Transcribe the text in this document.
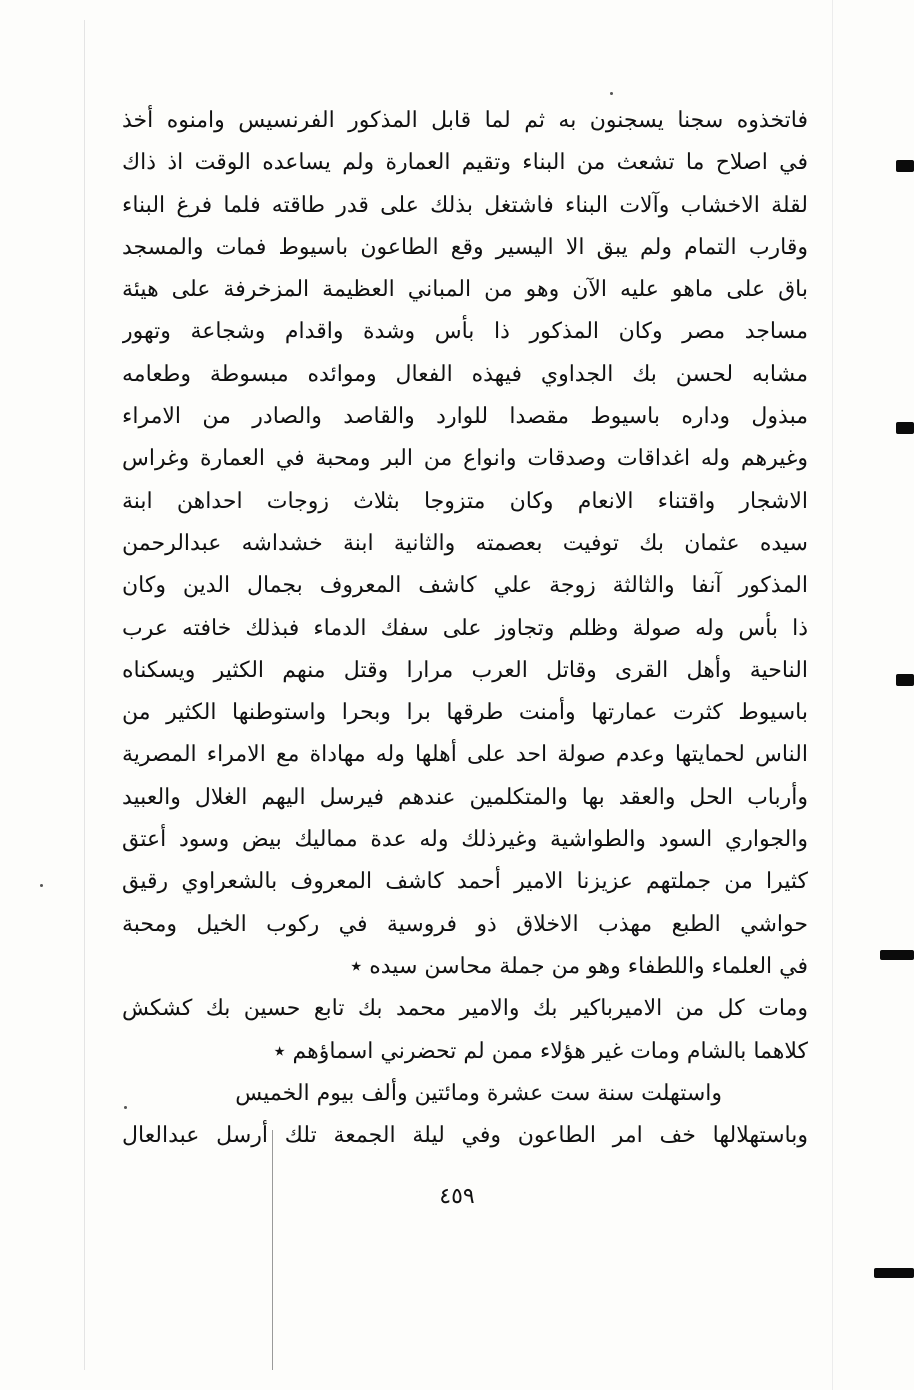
فاتخذوه سجنا يسجنون به ثم لما قابل المذكور الفرنسيس وامنوه أخذ
في اصلاح ما تشعث من البناء وتقيم العمارة ولم يساعده الوقت اذ ذاك
لقلة الاخشاب وآلات البناء فاشتغل بذلك على قدر طاقته فلما فرغ البناء
وقارب التمام ولم يبق الا اليسير وقع الطاعون باسيوط فمات والمسجد
باق على ماهو عليه الآن وهو من المباني العظيمة المزخرفة على هيئة
مساجد مصر وكان المذكور ذا بأس وشدة واقدام وشجاعة وتهور
مشابه لحسن بك الجداوي فيهذه الفعال وموائده مبسوطة وطعامه
مبذول وداره باسيوط مقصدا للوارد والقاصد والصادر من الامراء
وغيرهم وله اغداقات وصدقات وانواع من البر ومحبة في العمارة وغراس
الاشجار واقتناء الانعام وكان متزوجا بثلاث زوجات احداهن ابنة
سيده عثمان بك توفيت بعصمته والثانية ابنة خشداشه عبدالرحمن
المذكور آنفا والثالثة زوجة علي كاشف المعروف بجمال الدين وكان
ذا بأس وله صولة وظلم وتجاوز على سفك الدماء فبذلك خافته عرب
الناحية وأهل القرى وقاتل العرب مرارا وقتل منهم الكثير ويسكناه
باسيوط كثرت عمارتها وأمنت طرقها برا وبحرا واستوطنها الكثير من
الناس لحمايتها وعدم صولة احد على أهلها وله مهاداة مع الامراء المصرية
وأرباب الحل والعقد بها والمتكلمين عندهم فيرسل اليهم الغلال والعبيد
والجواري السود والطواشية وغيرذلك وله عدة مماليك بيض وسود أعتق
كثيرا من جملتهم عزيزنا الامير أحمد كاشف المعروف بالشعراوي رقيق
حواشي الطبع مهذب الاخلاق ذو فروسية في ركوب الخيل ومحبة
في العلماء واللطفاء وهو من جملة محاسن سيده ٭
ومات كل من الاميرباكير بك والامير محمد بك تابع حسين بك كشكش
كلاهما بالشام ومات غير هؤلاء ممن لم تحضرني اسماؤهم ٭
واستهلت سنة ست عشرة ومائتين وألف بيوم الخميس
وباستهلالها خف امر الطاعون وفي ليلة الجمعة تلك أرسل عبدالعال
٤٥٩
